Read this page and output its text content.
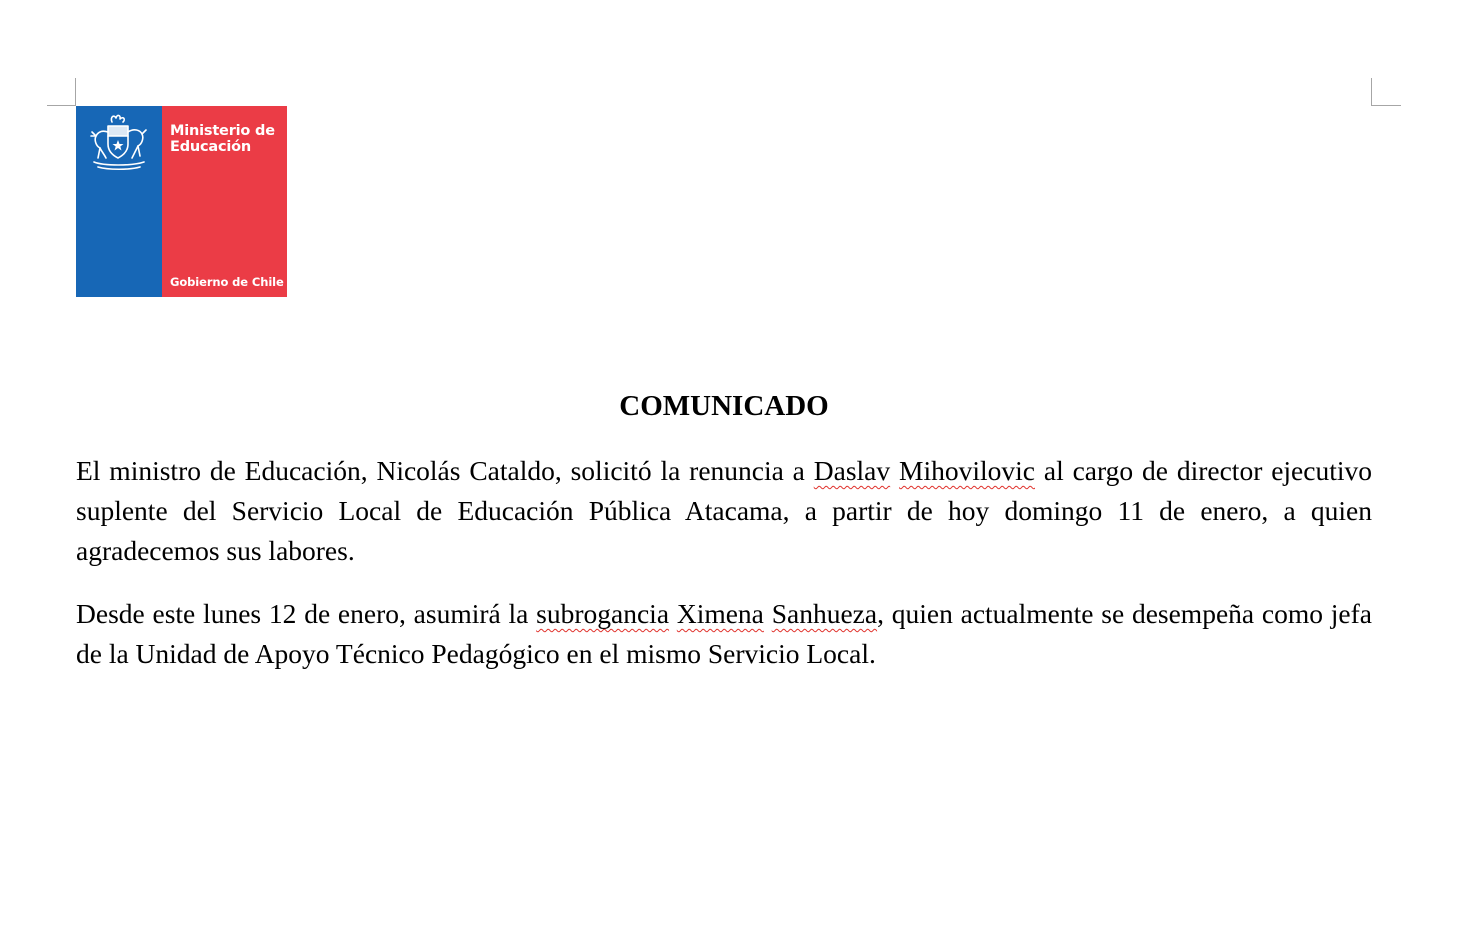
Ministerio de
Educación
Gobierno de Chile
COMUNICADO

El ministro de Educación, Nicolás Cataldo, solicitó la renuncia a Daslav Mihovilovic al cargo de director ejecutivo suplente del Servicio Local de Educación Pública Atacama, a partir de hoy domingo 11 de enero, a quien agradecemos sus labores.

Desde este lunes 12 de enero, asumirá la subrogancia Ximena Sanhueza, quien actualmente se desempeña como jefa de la Unidad de Apoyo Técnico Pedagógico en el mismo Servicio Local.
